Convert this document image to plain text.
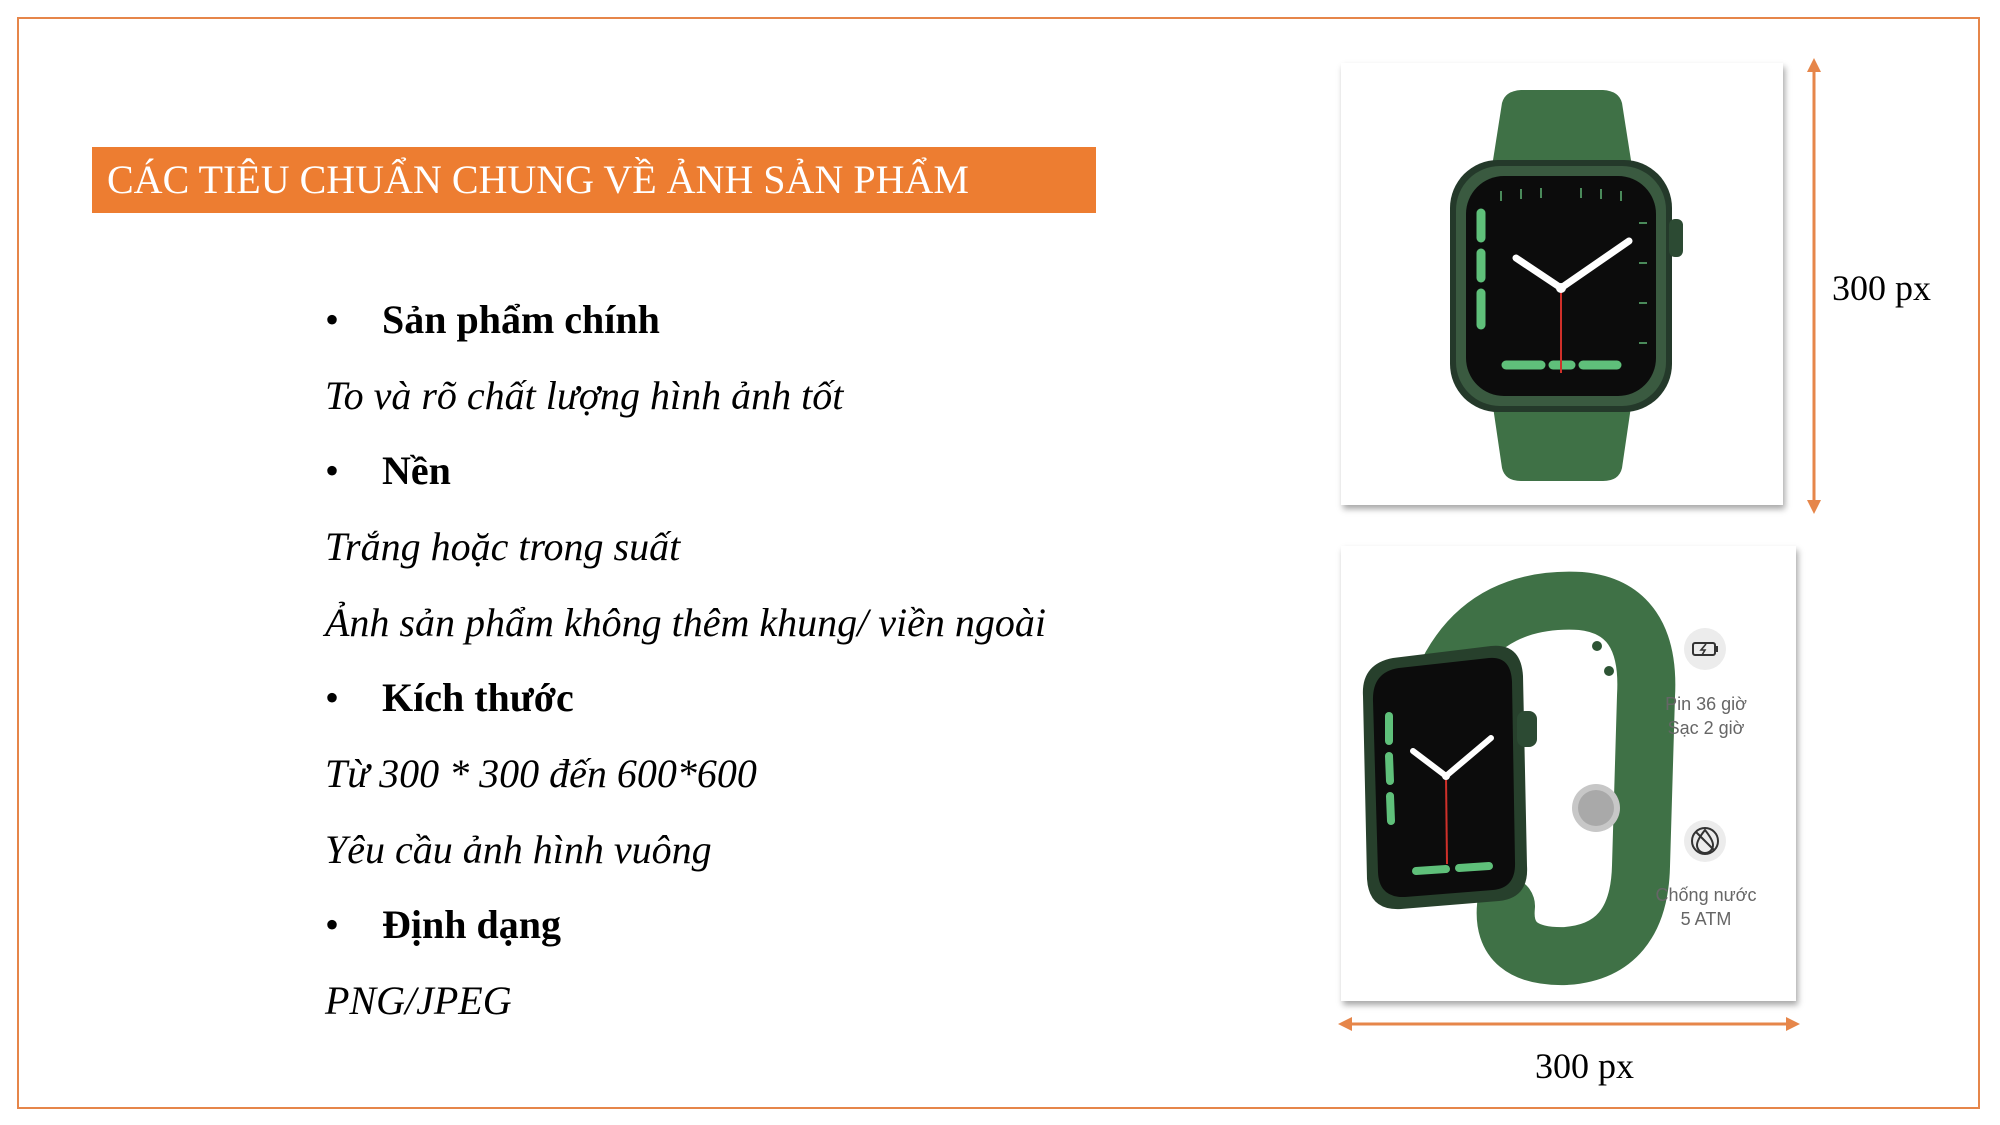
CÁC TIÊU CHUẨN CHUNG VỀ ẢNH SẢN PHẨM
• Sản phẩm chính
To và rõ chất lượng hình ảnh tốt
• Nền
Trắng hoặc trong suất
Ảnh sản phẩm không thêm khung/ viền ngoài
• Kích thước
Từ 300 * 300 đến 600*600
Yêu cầu ảnh hình vuông
• Định dạng
PNG/JPEG
Pin 36 giờ
Sạc 2 giờ
Chống nước
5 ATM
300 px
300 px
